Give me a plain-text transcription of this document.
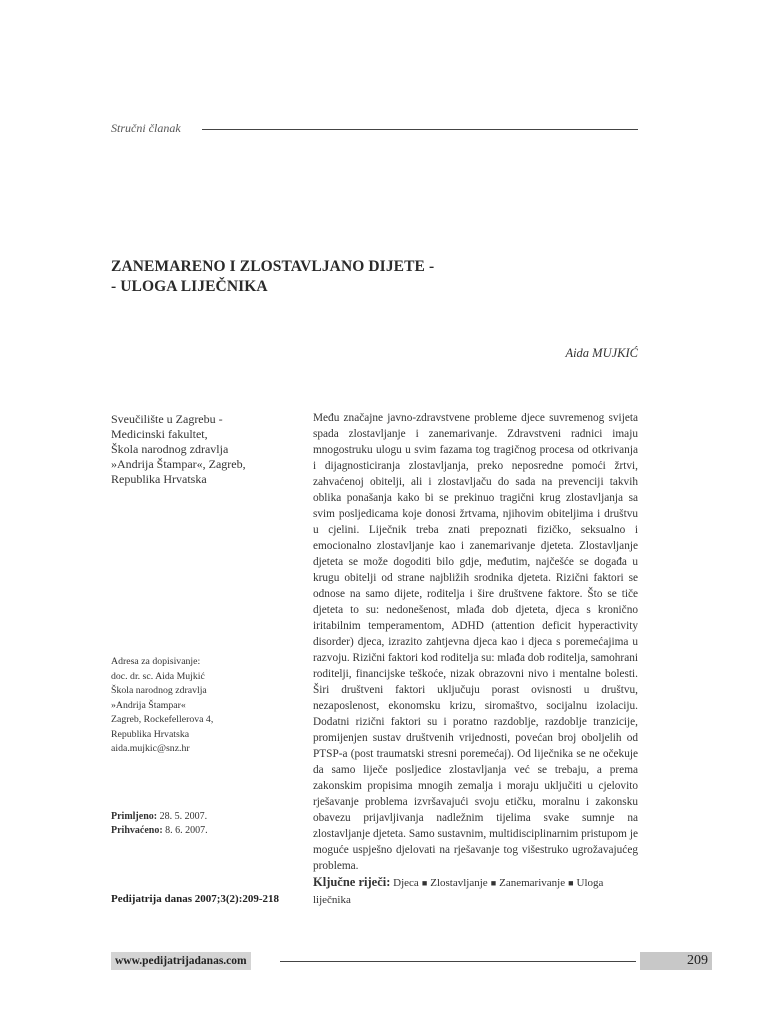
Stručni članak
ZANEMARENO I ZLOSTAVLJANO DIJETE -
- ULOGA LIJEČNIKA
Aida MUJKIĆ
Sveučilište u Zagrebu -
Medicinski fakultet,
Škola narodnog zdravlja
»Andrija Štampar«, Zagreb,
Republika Hrvatska
Adresa za dopisivanje:
doc. dr. sc. Aida Mujkić
Škola narodnog zdravlja
»Andrija Štampar«
Zagreb, Rockefellerova 4,
Republika Hrvatska
aida.mujkic@snz.hr
Primljeno: 28. 5. 2007.
Prihvaćeno: 8. 6. 2007.
Pedijatrija danas 2007;3(2):209-218
Među značajne javno-zdravstvene probleme djece suvremenog svijeta spada zlostavljanje i zanemarivanje. Zdravstveni radnici imaju mnogostruku ulogu u svim fazama tog tragičnog procesa od otkrivanja i dijagnosticiranja zlostavljanja, preko neposredne pomoći žrtvi, zahvaćenoj obitelji, ali i zlostavljaču do sada na prevenciji takvih oblika ponašanja kako bi se prekinuo tragični krug zlostavljanja sa svim posljedicama koje donosi žrtvama, njihovim obiteljima i društvu u cjelini. Liječnik treba znati prepoznati fizičko, seksualno i emocionalno zlostavljanje kao i zanemarivanje djeteta. Zlostavljanje djeteta se može dogoditi bilo gdje, međutim, najčešće se događa u krugu obitelji od strane najbližih srodnika djeteta. Rizični faktori se odnose na samo dijete, roditelja i šire društvene faktore. Što se tiče djeteta to su: nedonešenost, mlađa dob djeteta, djeca s kronično iritabilnim temperamentom, ADHD (attention deficit hyperactivity disorder) djeca, izrazito zahtjevna djeca kao i djeca s poremećajima u razvoju. Rizični faktori kod roditelja su: mlađa dob roditelja, samohrani roditelji, financijske teškoće, nizak obrazovni nivo i mentalne bolesti. Širi društveni faktori uključuju porast ovisnosti u društvu, nezaposlenost, ekonomsku krizu, siromaštvo, socijalnu izolaciju. Dodatni rizični faktori su i poratno razdoblje, razdoblje tranzicije, promijenjen sustav društvenih vrijednosti, povećan broj oboljelih od PTSP-a (post traumatski stresni poremećaj). Od liječnika se ne očekuje da samo liječe posljedice zlostavljanja već se trebaju, a prema zakonskim propisima mnogih zemalja i moraju uključiti u cjelovito rješavanje problema izvršavajući svoju etičku, moralnu i zakonsku obavezu prijavljivanja nadležnim tijelima svake sumnje na zlostavljanje djeteta. Samo sustavnim, multidisciplinarnim pristupom je moguće uspješno djelovati na rješavanje tog višestruko ugrožavajućeg problema.
Ključne riječi: Djeca ■ Zlostavljanje ■ Zanemarivanje ■ Uloga liječnika
www.pedijatrijadanas.com	209
